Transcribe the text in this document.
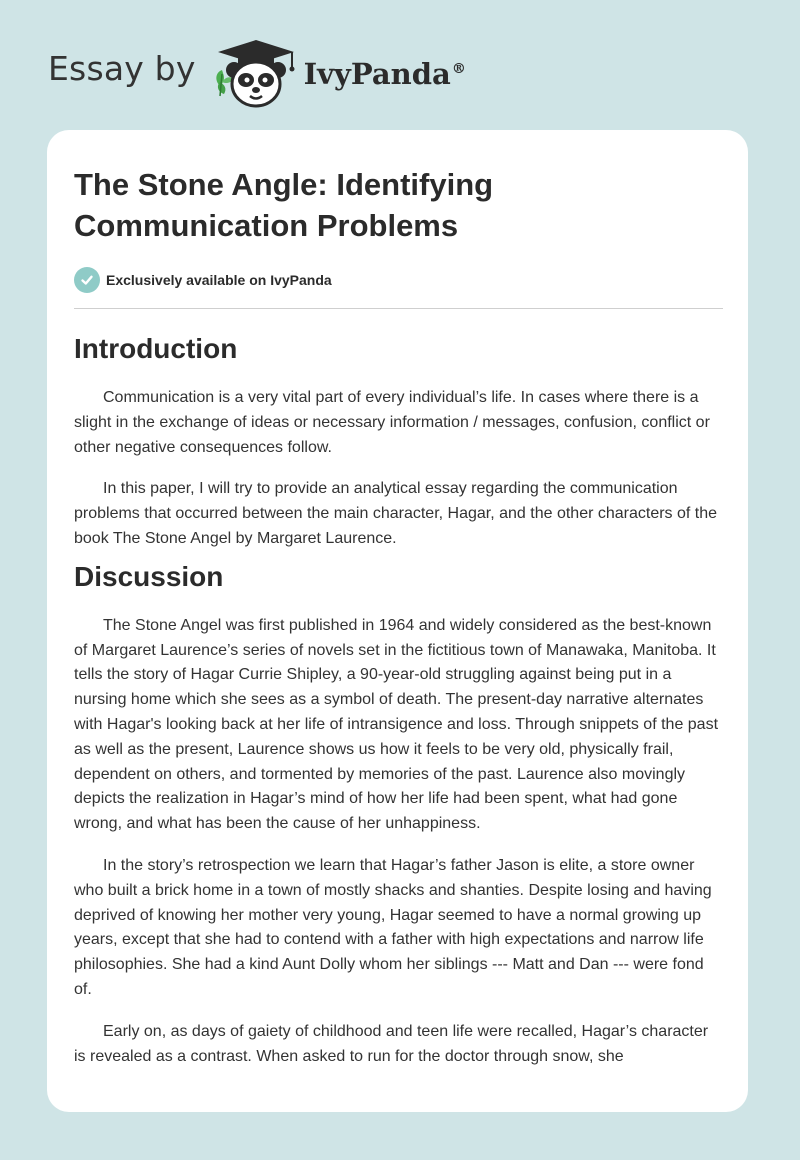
Essay by	IvyPanda®
The Stone Angle: Identifying Communication Problems
Exclusively available on IvyPanda
Introduction

Communication is a very vital part of every individual’s life. In cases where there is a slight in the exchange of ideas or necessary information / messages, confusion, conflict or other negative consequences follow.

In this paper, I will try to provide an analytical essay regarding the communication problems that occurred between the main character, Hagar, and the other characters of the book The Stone Angel by Margaret Laurence.

Discussion

The Stone Angel was first published in 1964 and widely considered as the best-known of Margaret Laurence’s series of novels set in the fictitious town of Manawaka, Manitoba. It tells the story of Hagar Currie Shipley, a 90-year-old struggling against being put in a nursing home which she sees as a symbol of death. The present-day narrative alternates with Hagar's looking back at her life of intransigence and loss. Through snippets of the past as well as the present, Laurence shows us how it feels to be very old, physically frail, dependent on others, and tormented by memories of the past. Laurence also movingly depicts the realization in Hagar’s mind of how her life had been spent, what had gone wrong, and what has been the cause of her unhappiness.

In the story’s retrospection we learn that Hagar’s father Jason is elite, a store owner who built a brick home in a town of mostly shacks and shanties. Despite losing and having deprived of knowing her mother very young, Hagar seemed to have a normal growing up years, except that she had to contend with a father with high expectations and narrow life philosophies. She had a kind Aunt Dolly whom her siblings --- Matt and Dan --- were fond of.

Early on, as days of gaiety of childhood and teen life were recalled, Hagar’s character is revealed as a contrast. When asked to run for the doctor through snow, she
